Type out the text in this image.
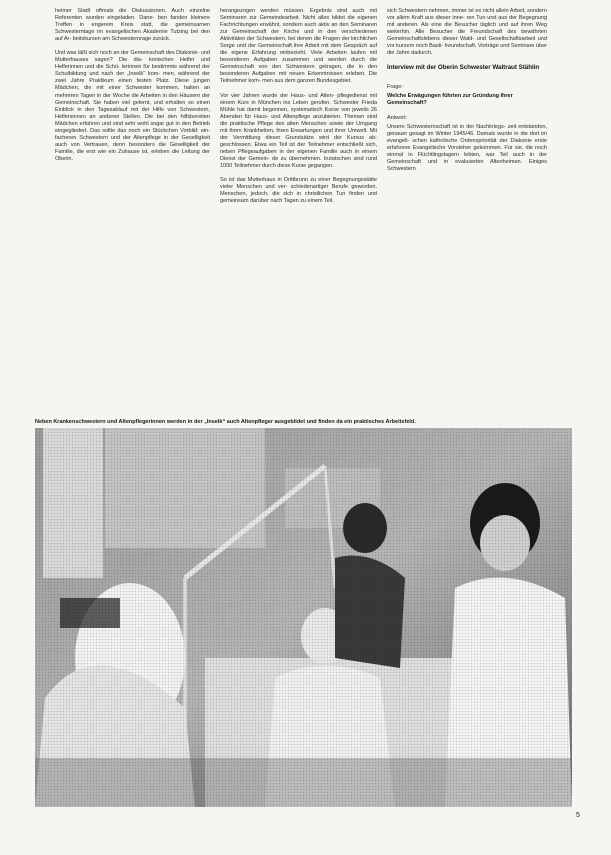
heimer Stadt oftmals die Diskussionen. Auch einzelne Referenten wurden eingeladen. Dane- ben fanden kleinere Treffen in engerem Kreis statt, die gemeinsamen Schwesterntage im evangelischen Akademie Tutzing bei den auf Ar- beitskursen am Schwesternrage zurück.

Und was läßt sich noch an der Gemeinschaft des Diakonie- und Mutterhauses sagen? Die dia- konischen Helfer und Helferinnen und die Schü- lerinnen für bestimmte während der Schulbildung und nach der „Inselk“ kom- men, während der zwei Jahre Praktikum einen festen Platz. Diese jungen Mädchen, die mit einer Schwester kommen, halten an mehreren Tagen in der Woche die Arbeiten in den Häusern der Gemeinschaft. Sie haben viel gelernt, und erhalten so einen Einblick in den Tagesablauf mit der Hilfe von Schwestern, Helfersinnen an anderen Stellen. Die bei den hilfsbereiten Mädchen erfahren und sind sehr wohl sogar gut in den Betrieb eingegliedert. Das sollte das noch ein Stückchen Vorbild: ein- facheren Schwestern und der Altenpflege in der Geselligkeit auch von Vertrauen, denn besonders die Geselligkeit der Familie, die erst wie ein Zuhause ist, erleben die Leitung der Oberin.

herangezogen werden müssen. Ergebnis sind auch mit Seminaren zur Gemeindearbeit. Nicht alles bildet die eigenen Fachrichtungen erwähnt, sondern auch aktiv an den Seminaren zur Gemeinschaft der Kirche und in den verschiedenen Aktivitäten der Schwestern, bei denen die Fragen der kirchlichen Sorge und der Gemeinschaft ihre Arbeit mit dem Gespräch auf die eigene Erfahrung einbezieht. Viele Arbeiten laufen mit besonderen Aufgaben zusammen und werden durch die Gemeinschaft von den Schwestern getragen, die in den besonderen Aufgaben mit neuen Erkenntnissen erleben. Die Teilnehmer kom- men aus dem ganzen Bundesgebiet.

Vor vier Jahren wurde der Haus- und Alten- pflegedienst mit einem Kurs in München ins Leben gerufen. Schwester Frieda Mühle hat damit begonnen, systematisch Kurse von jeweils 26 Abenden für Haus- und Altenpflege anzubieten. Themen sind die praktische Pflege des alten Menschen sowie der Umgang mit ihren Krankheiten, ihren Erwartungen und ihrer Umwelt. Mit der Vermittlung dieser Grundsätze wird der Kursus ab- geschlossen. Etwa ein Teil ist der Teilnehmer entschließt sich, neben Pflegeaufgaben in der eigenen Familie auch in einem Dienst der Gemein- de zu übernehmen. Inzwischen sind rund 1000 Teilnehmer durch diese Kurse gegangen.

So ist das Mutterhaus in Drittbrunn zu einer Begegnungsstätte vieler Menschen und ver- schiedenartiger Berufe geworden. Menschen, jedoch, die sich in christlichen Tun finden und gemeinsam darüber nach Tagen zu einem Teil.

sich Schwestern nehmen, immer ist es nicht allein Arbeit, sondern vor allem Kraft aus dieser inne- ren Tun und aus der Begegnung mit anderen. Als eine die Besucher täglich und auf ihren Weg weiterhin. Alle Besucher die Freundschaft des bewährten Gemeinschaftslebens dieser Wald- und Gesellschaftsarbeit und vor kurzem noch Basti- freundschaft, Vorträge und Seminare über die Jahre dadurch.

Interview mit der Oberin Schwester Waltraut Stählin

Frage:

Welche Erwägungen führten zur Gründung Ihrer Gemeinschaft?

Antwort:

Unsere Schwesternschaft ist in der Nachkriegs- zeit entstanden, genauer gesagt im Winter 1945/46. Damals wurde in die dort im evangeli- schen katholische Ordenspriorität der Diakonie erste erfahrene Evangelische Vorsteher gekommen. Für sie, die noch einmal in Flüchtlingslagern lebten, war Teil auch in der Gemeinschaft und in evakuierten Altenheimen. Einiges Schwestern

Neben Krankenschwestern und Altenpflegerinnen werden in der „Inselk“ auch Altenpfleger ausgebildet und finden da ein praktisches Arbeitsfeld.
5
